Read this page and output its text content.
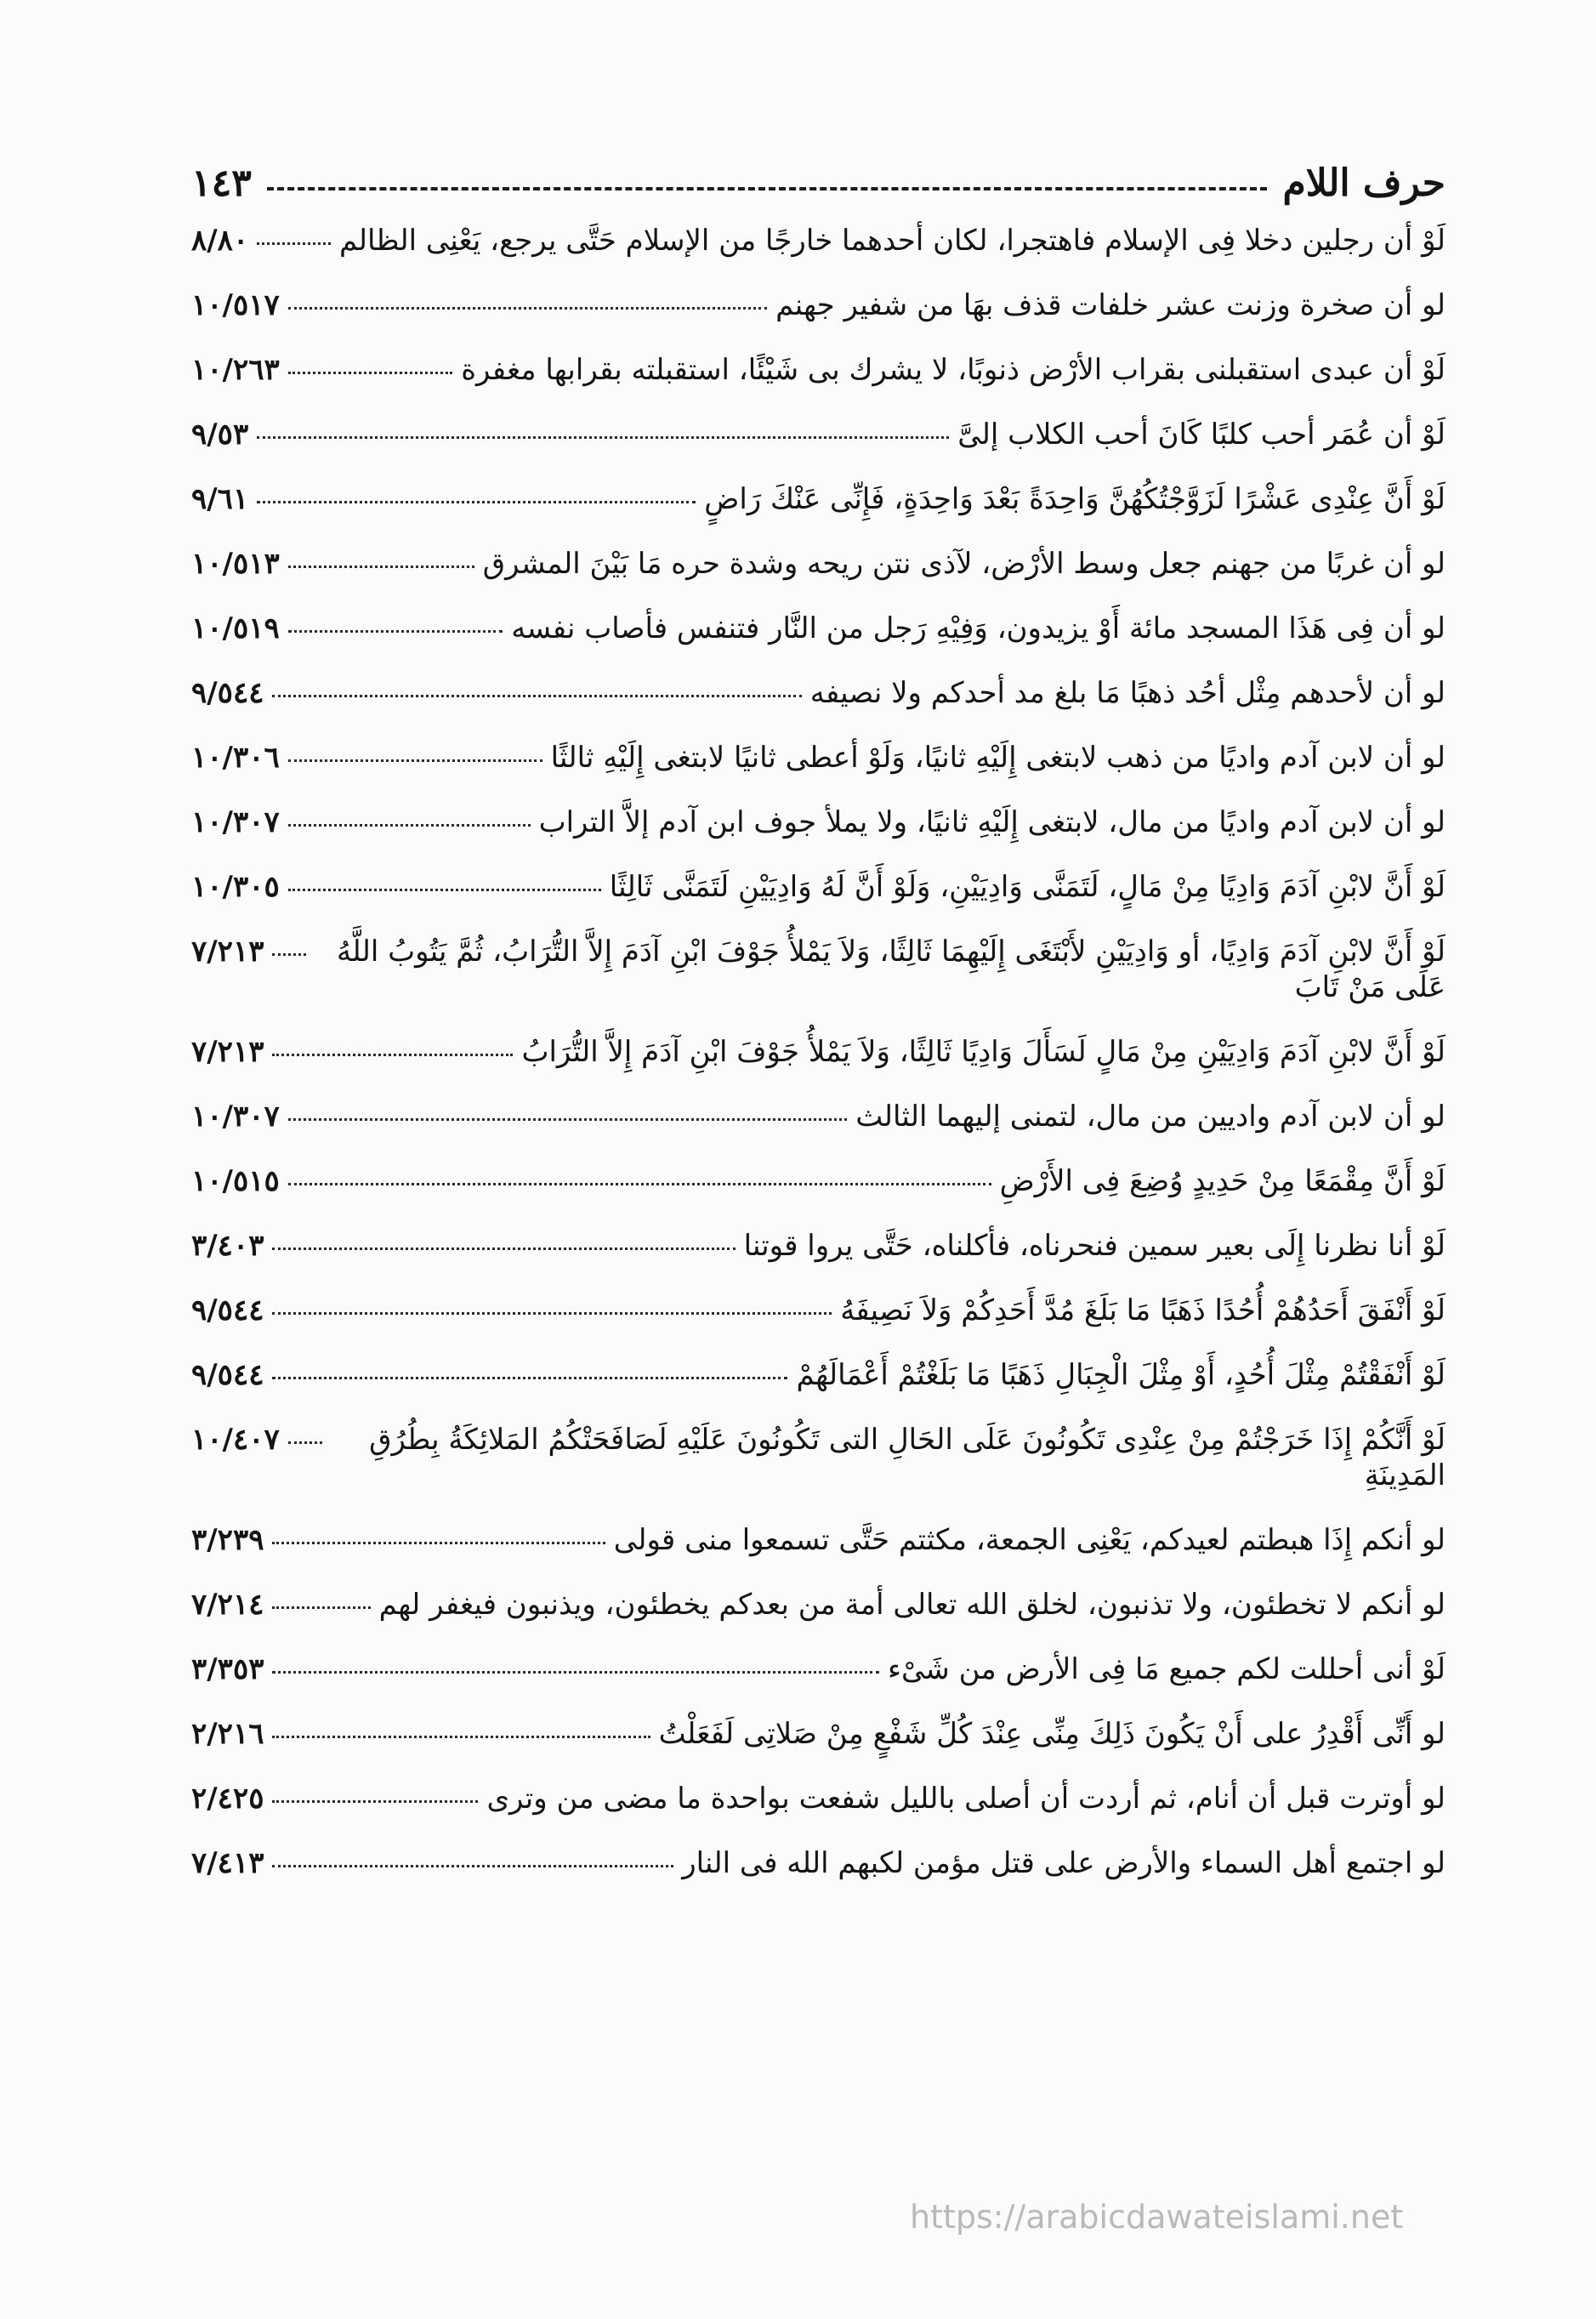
حرف اللام
١٤٣
لَوْ أن رجلين دخلا فِى الإسلام فاهتجرا، لكان أحدهما خارجًا من الإسلام حَتَّى يرجع، يَعْنِى الظالم
٨/٨٠
لو أن صخرة وزنت عشر خلفات قذف بهَا من شفير جهنم
١٠/٥١٧
لَوْ أن عبدى استقبلنى بقراب الأرْض ذنوبًا، لا يشرك بى شَيْئًا، استقبلته بقرابها مغفرة
١٠/٢٦٣
لَوْ أن عُمَر أحب كلبًا كَانَ أحب الكلاب إلىَّ
٩/٥٣
لَوْ أَنَّ عِنْدِى عَشْرًا لَزَوَّجْتُكُهُنَّ وَاحِدَةً بَعْدَ وَاحِدَةٍ، فَإِنِّى عَنْكَ رَاضٍ
٩/٦١
لو أن غربًا من جهنم جعل وسط الأرْض، لآذى نتن ريحه وشدة حره مَا بَيْنَ المشرق
١٠/٥١٣
لو أن فِى هَذَا المسجد مائة أَوْ يزيدون، وَفِيْهِ رَجل من النَّار فتنفس فأصاب نفسه
١٠/٥١٩
لو أن لأحدهم مِثْل أحُد ذهبًا مَا بلغ مد أحدكم ولا نصيفه
٩/٥٤٤
لو أن لابن آدم واديًا من ذهب لابتغى إِلَيْهِ ثانيًا، وَلَوْ أعطى ثانيًا لابتغى إِلَيْهِ ثالثًا
١٠/٣٠٦
لو أن لابن آدم واديًا من مال، لابتغى إِلَيْهِ ثانيًا، ولا يملأ جوف ابن آدم إلاَّ التراب
١٠/٣٠٧
لَوْ أَنَّ لابْنِ آدَمَ وَادِيًا مِنْ مَالٍ، لَتَمَنَّى وَادِيَيْنِ، وَلَوْ أَنَّ لَهُ وَادِيَيْنِ لَتَمَنَّى ثَالِثًا
١٠/٣٠٥
لَوْ أَنَّ لابْنِ آدَمَ وَادِيًا، أو وَادِيَيْنِ لأَبْتَغَى إِلَيْهِمَا ثَالِثًا، وَلاَ يَمْلأُ جَوْفَ ابْنِ آدَمَ إِلاَّ التُّرَابُ، ثُمَّ يَتُوبُ اللَّهُ عَلَى مَنْ تَابَ
٧/٢١٣
لَوْ أَنَّ لابْنِ آدَمَ وَادِيَيْنِ مِنْ مَالٍ لَسَأَلَ وَادِيًا ثَالِثًا، وَلاَ يَمْلأُ جَوْفَ ابْنِ آدَمَ إِلاَّ التُّرَابُ
٧/٢١٣
لو أن لابن آدم واديين من مال، لتمنى إليهما الثالث
١٠/٣٠٧
لَوْ أَنَّ مِقْمَعًا مِنْ حَدِيدٍ وُضِعَ فِى الأَرْضِ
١٠/٥١٥
لَوْ أنا نظرنا إِلَى بعير سمين فنحرناه، فأكلناه، حَتَّى يروا قوتنا
٣/٤٠٣
لَوْ أَنْفَقَ أَحَدُهُمْ أُحُدًا ذَهَبًا مَا بَلَغَ مُدَّ أَحَدِكُمْ وَلاَ نَصِيفَهُ
٩/٥٤٤
لَوْ أَنْفَقْتُمْ مِثْلَ أُحُدٍ، أَوْ مِثْلَ الْجِبَالِ ذَهَبًا مَا بَلَغْتُمْ أَعْمَالَهُمْ
٩/٥٤٤
لَوْ أَنَّكُمْ إِذَا خَرَجْتُمْ مِنْ عِنْدِى تَكُونُونَ عَلَى الحَالِ التى تَكُونُونَ عَلَيْهِ لَصَافَحَتْكُمُ المَلائِكَةُ بِطُرُقِ المَدِينَةِ
١٠/٤٠٧
لو أنكم إِذَا هبطتم لعيدكم، يَعْنِى الجمعة، مكثتم حَتَّى تسمعوا منى قولى
٣/٢٣٩
لو أنكم لا تخطئون، ولا تذنبون، لخلق الله تعالى أمة من بعدكم يخطئون، ويذنبون فيغفر لهم
٧/٢١٤
لَوْ أنى أحللت لكم جميع مَا فِى الأرض من شَىْء
٣/٣٥٣
لو أَنِّى أَقْدِرُ على أَنْ يَكُونَ ذَلِكَ مِنِّى عِنْدَ كُلِّ شَفْعٍ مِنْ صَلاتِى لَفَعَلْتُ
٢/٢١٦
لو أوترت قبل أن أنام، ثم أردت أن أصلى بالليل شفعت بواحدة ما مضى من وترى
٢/٤٢٥
لو اجتمع أهل السماء والأرض على قتل مؤمن لكبهم الله فى النار
٧/٤١٣
https://arabicdawateislami.net
